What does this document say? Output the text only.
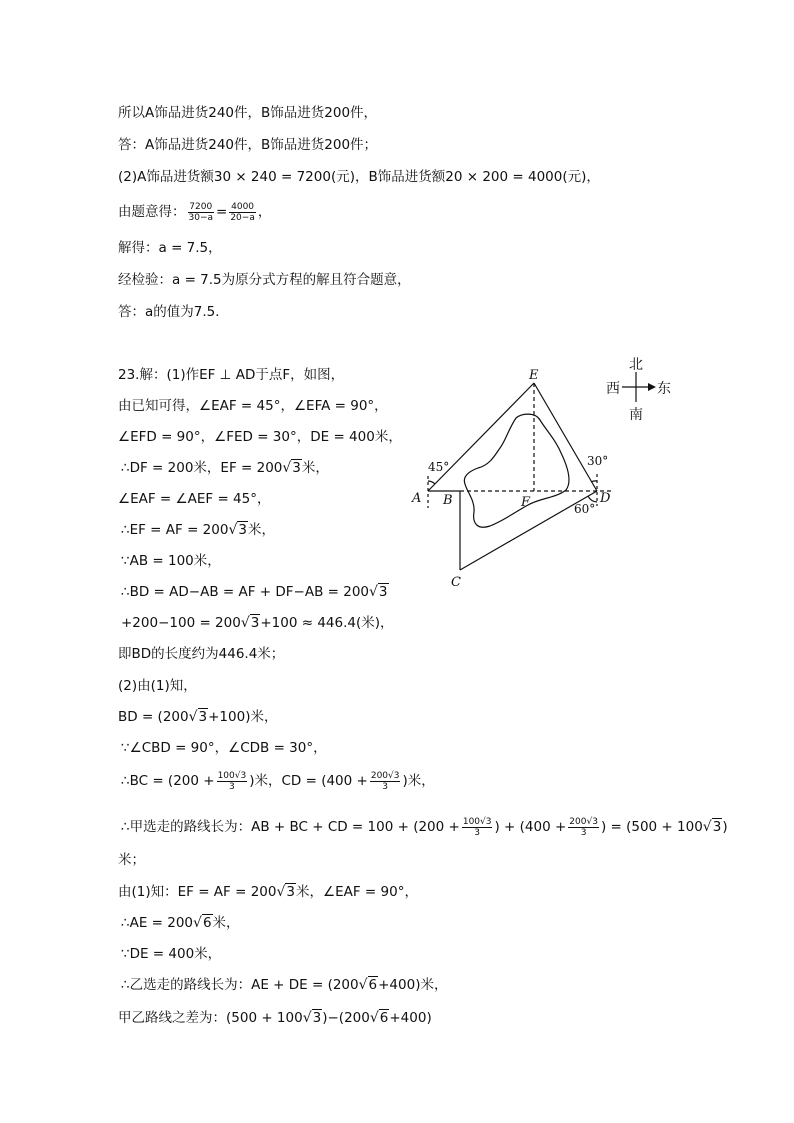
所以A饰品进货240件，B饰品进货200件，
答：A饰品进货240件，B饰品进货200件；
(2)A饰品进货额30 × 240 = 7200(元)，B饰品进货额20 × 200 = 4000(元)，
由题意得： $\frac{7200}{30-a} = \frac{4000}{20-a}$ ，
解得：a = 7.5，
经检验：a = 7.5为原分式方程的解且符合题意，
答：a的值为7.5．
23.解：(1)作EF ⊥ AD于点F，如图，
由已知可得，∠EAF = 45°，∠EFA = 90°，
∠EFD = 90°，∠FED = 30°，DE = 400米，
∴DF = 200米，EF = 200√3米，
∠EAF = ∠AEF = 45°，
∴EF = AF = 200√3米，
∵AB = 100米，
∴BD = AD−AB = AF + DF−AB = 200√3
+200−100 = 200√3+100 ≈ 446.4(米)，
即BD的长度约为446.4米；
(2)由(1)知，
BD = (200√3+100)米，
∵∠CBD = 90°，∠CDB = 30°，
∴BC = ($200 + \frac{100√3}{3}$ )米，CD = ($400 + \frac{200√3}{3}$ )米，
∴甲选走的路线长为：AB + BC + CD = $100 + (200 + \frac{100√3}{3}$ ) + ($400 + \frac{200√3}{3}$ ) = (500 + 100√3)
米；
由(1)知：EF = AF = 200√3米，∠EAF = 90°，
∴AE = 200√6米，
∵DE = 400米，
∴乙选走的路线长为：AE + DE = (200√6+400)米，
甲乙路线之差为：(500 + 100√3)−(200√6+400)
E
A B	F	D
C
45°	30°
60°
北
南
西	东
